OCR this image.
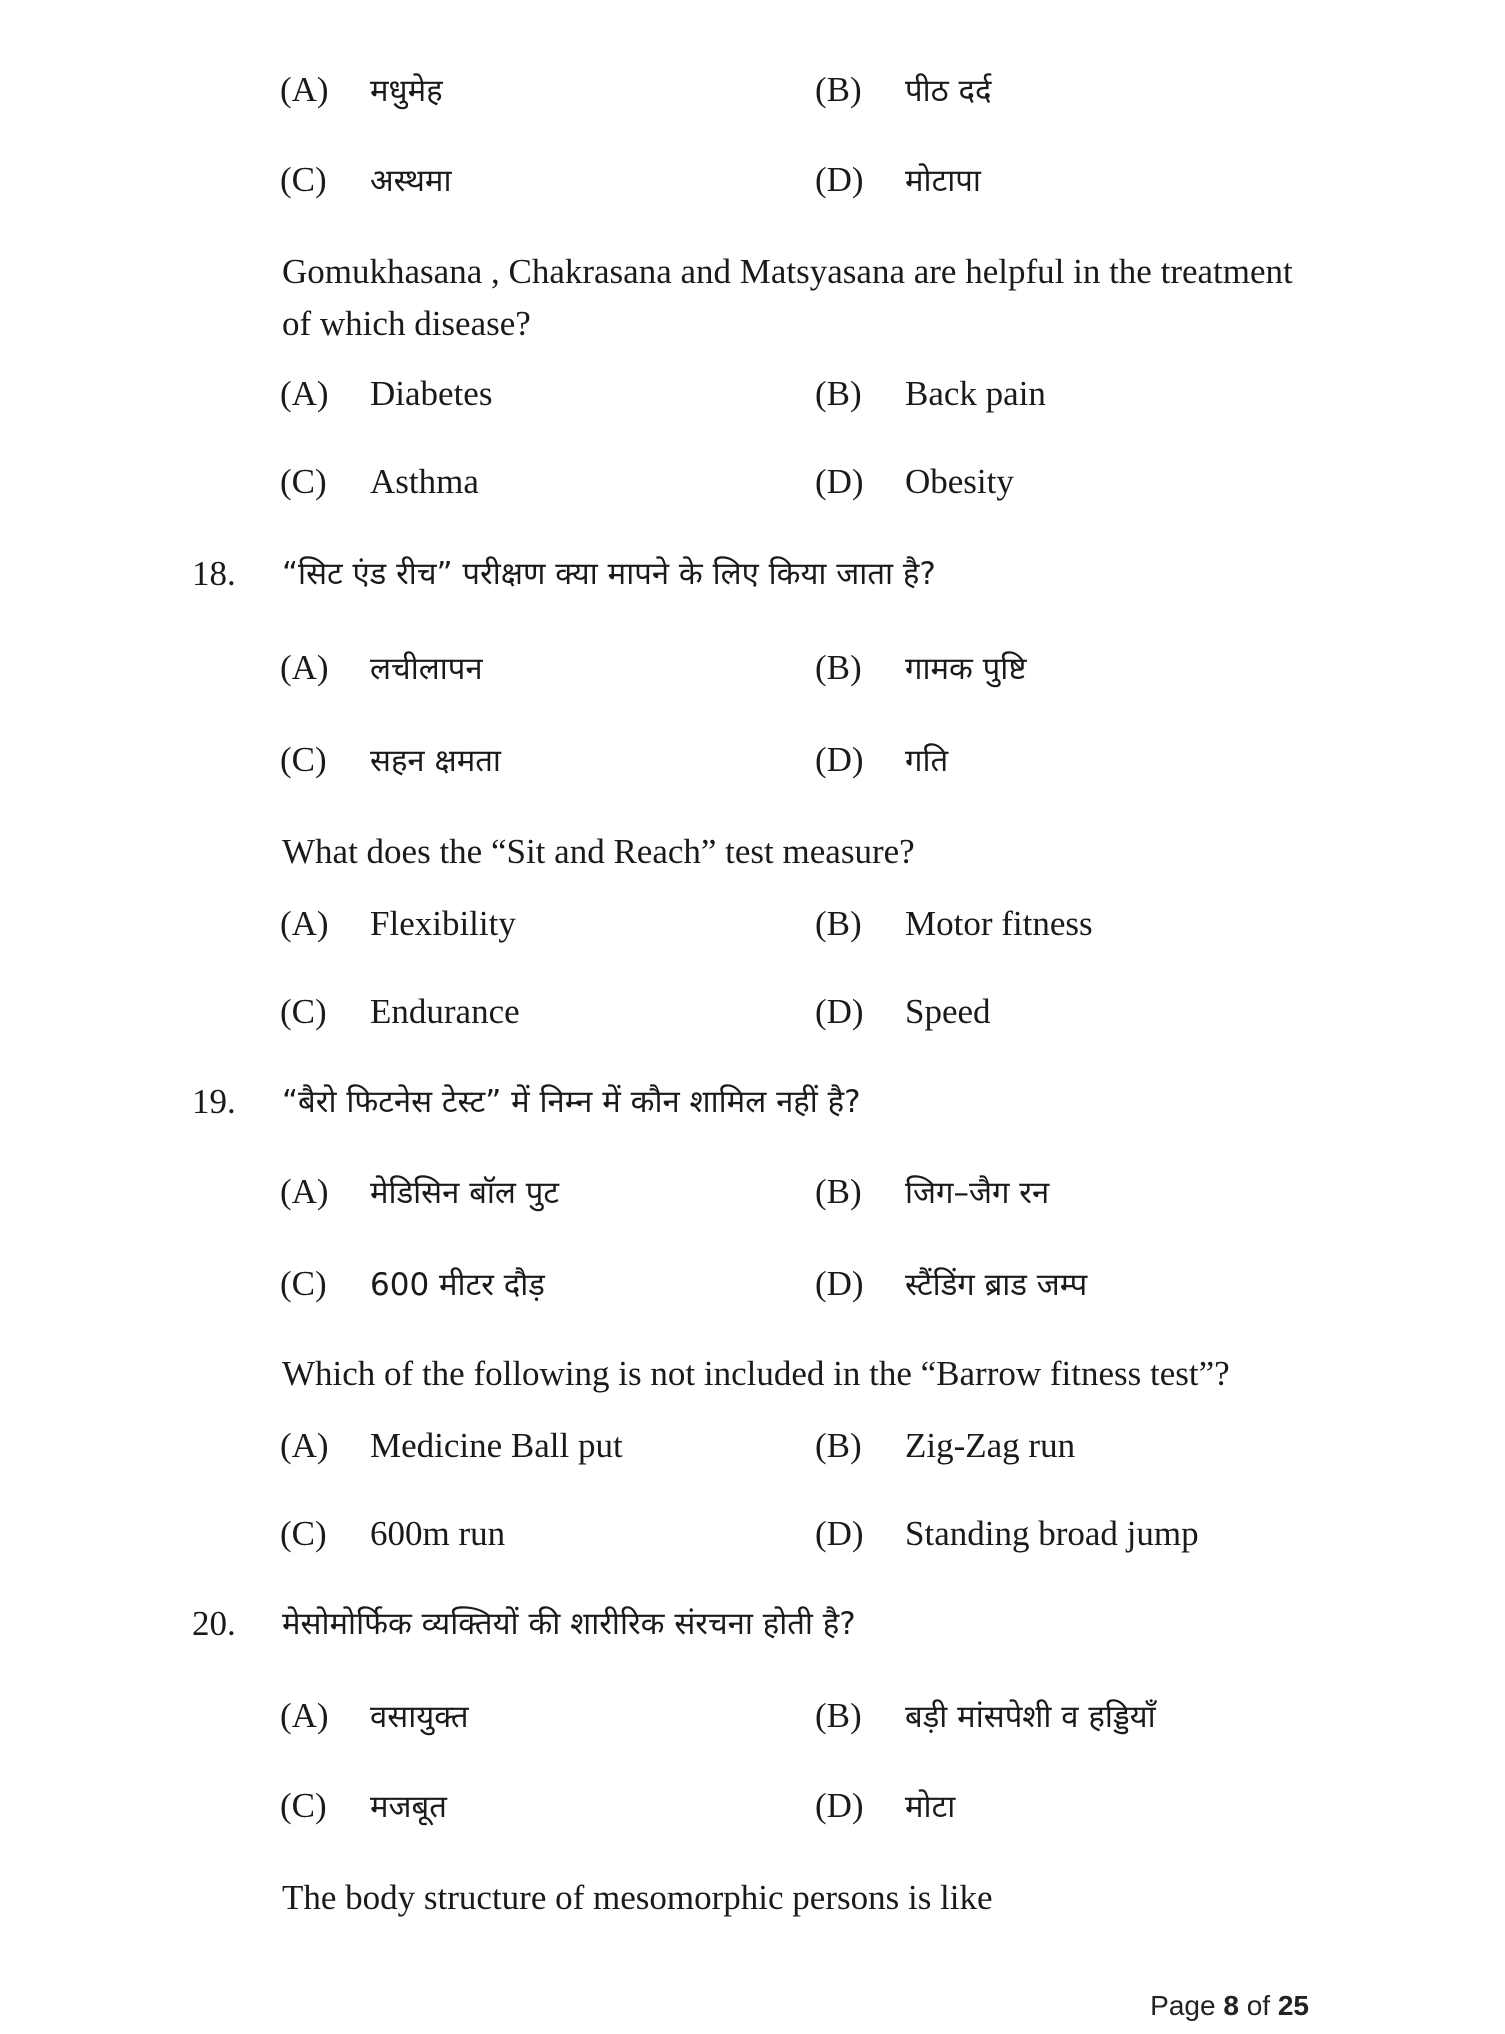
(A) मधुमेह	(B) पीठ दर्द
(C) अस्थमा	(D) मोटापा
Gomukhasana , Chakrasana and Matsyasana are helpful in the treatment of which disease?
(A) Diabetes	(B) Back pain
(C) Asthma	(D) Obesity
18. “सिट एंड रीच” परीक्षण क्या मापने के लिए किया जाता है?
(A) लचीलापन	(B) गामक पुष्टि
(C) सहन क्षमता	(D) गति
What does the “Sit and Reach” test measure?
(A) Flexibility	(B) Motor fitness
(C) Endurance	(D) Speed
19. “बैरो फिटनेस टेस्ट” में निम्न में कौन शामिल नहीं है?
(A) मेडिसिन बॉल पुट	(B) जिग–जैग रन
(C) 600 मीटर दौड़	(D) स्टैंडिंग ब्राड जम्प
Which of the following is not included in the “Barrow fitness test”?
(A) Medicine Ball put	(B) Zig-Zag run
(C) 600m run	(D) Standing broad jump
20. मेसोमोर्फिक व्यक्तियों की शारीरिक संरचना होती है?
(A) वसायुक्त	(B) बड़ी मांसपेशी व हड्डियाँ
(C) मजबूत	(D) मोटा
The body structure of mesomorphic persons is like
Page 8 of 25
